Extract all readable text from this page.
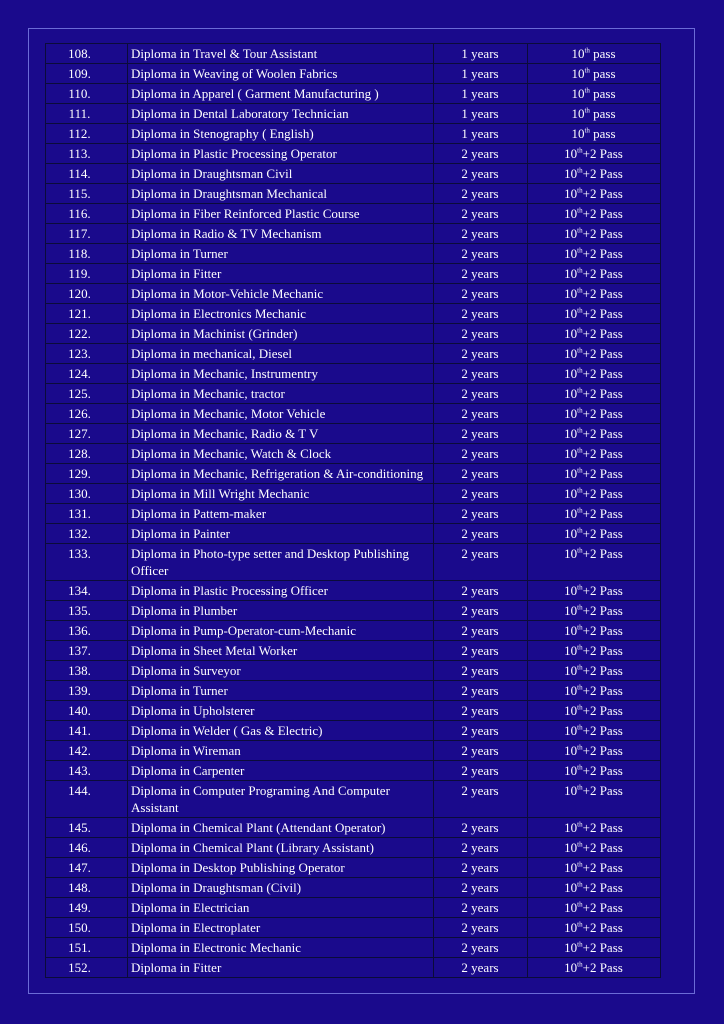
108.	Diploma in Travel & Tour Assistant	1 years	10th pass
109.	Diploma in Weaving of Woolen Fabrics	1 years	10th pass
110.	Diploma in Apparel ( Garment Manufacturing )	1 years	10th pass
111.	Diploma in Dental Laboratory Technician	1 years	10th pass
112.	Diploma in Stenography ( English)	1 years	10th pass
113.	Diploma in Plastic Processing Operator	2 years	10th+2 Pass
114.	Diploma in Draughtsman Civil	2 years	10th+2 Pass
115.	Diploma in Draughtsman Mechanical	2 years	10th+2 Pass
116.	Diploma in Fiber Reinforced Plastic Course	2 years	10th+2 Pass
117.	Diploma in Radio & TV Mechanism	2 years	10th+2 Pass
118.	Diploma in Turner	2 years	10th+2 Pass
119.	Diploma in Fitter	2 years	10th+2 Pass
120.	Diploma in Motor-Vehicle Mechanic	2 years	10th+2 Pass
121.	Diploma in Electronics Mechanic	2 years	10th+2 Pass
122.	Diploma in Machinist (Grinder)	2 years	10th+2 Pass
123.	Diploma in mechanical, Diesel	2 years	10th+2 Pass
124.	Diploma in Mechanic, Instrumentry	2 years	10th+2 Pass
125.	Diploma in Mechanic, tractor	2 years	10th+2 Pass
126.	Diploma in Mechanic, Motor Vehicle	2 years	10th+2 Pass
127.	Diploma in Mechanic, Radio & T V	2 years	10th+2 Pass
128.	Diploma in Mechanic, Watch & Clock	2 years	10th+2 Pass
129.	Diploma in Mechanic, Refrigeration & Air-conditioning	2 years	10th+2 Pass
130.	Diploma in Mill Wright Mechanic	2 years	10th+2 Pass
131.	Diploma in Pattem-maker	2 years	10th+2 Pass
132.	Diploma in Painter	2 years	10th+2 Pass
133.	Diploma in Photo-type setter and Desktop Publishing Officer	2 years	10th+2 Pass
134.	Diploma in Plastic Processing Officer	2 years	10th+2 Pass
135.	Diploma in Plumber	2 years	10th+2 Pass
136.	Diploma in Pump-Operator-cum-Mechanic	2 years	10th+2 Pass
137.	Diploma in Sheet Metal Worker	2 years	10th+2 Pass
138.	Diploma in Surveyor	2 years	10th+2 Pass
139.	Diploma in Turner	2 years	10th+2 Pass
140.	Diploma in Upholsterer	2 years	10th+2 Pass
141.	Diploma in Welder ( Gas & Electric)	2 years	10th+2 Pass
142.	Diploma in Wireman	2 years	10th+2 Pass
143.	Diploma in Carpenter	2 years	10th+2 Pass
144.	Diploma in Computer Programing And Computer Assistant	2 years	10th+2 Pass
145.	Diploma in Chemical Plant (Attendant Operator)	2 years	10th+2 Pass
146.	Diploma in Chemical Plant (Library Assistant)	2 years	10th+2 Pass
147.	Diploma in Desktop Publishing Operator	2 years	10th+2 Pass
148.	Diploma in Draughtsman (Civil)	2 years	10th+2 Pass
149.	Diploma in Electrician	2 years	10th+2 Pass
150.	Diploma in Electroplater	2 years	10th+2 Pass
151.	Diploma in Electronic Mechanic	2 years	10th+2 Pass
152.	Diploma in Fitter	2 years	10th+2 Pass
